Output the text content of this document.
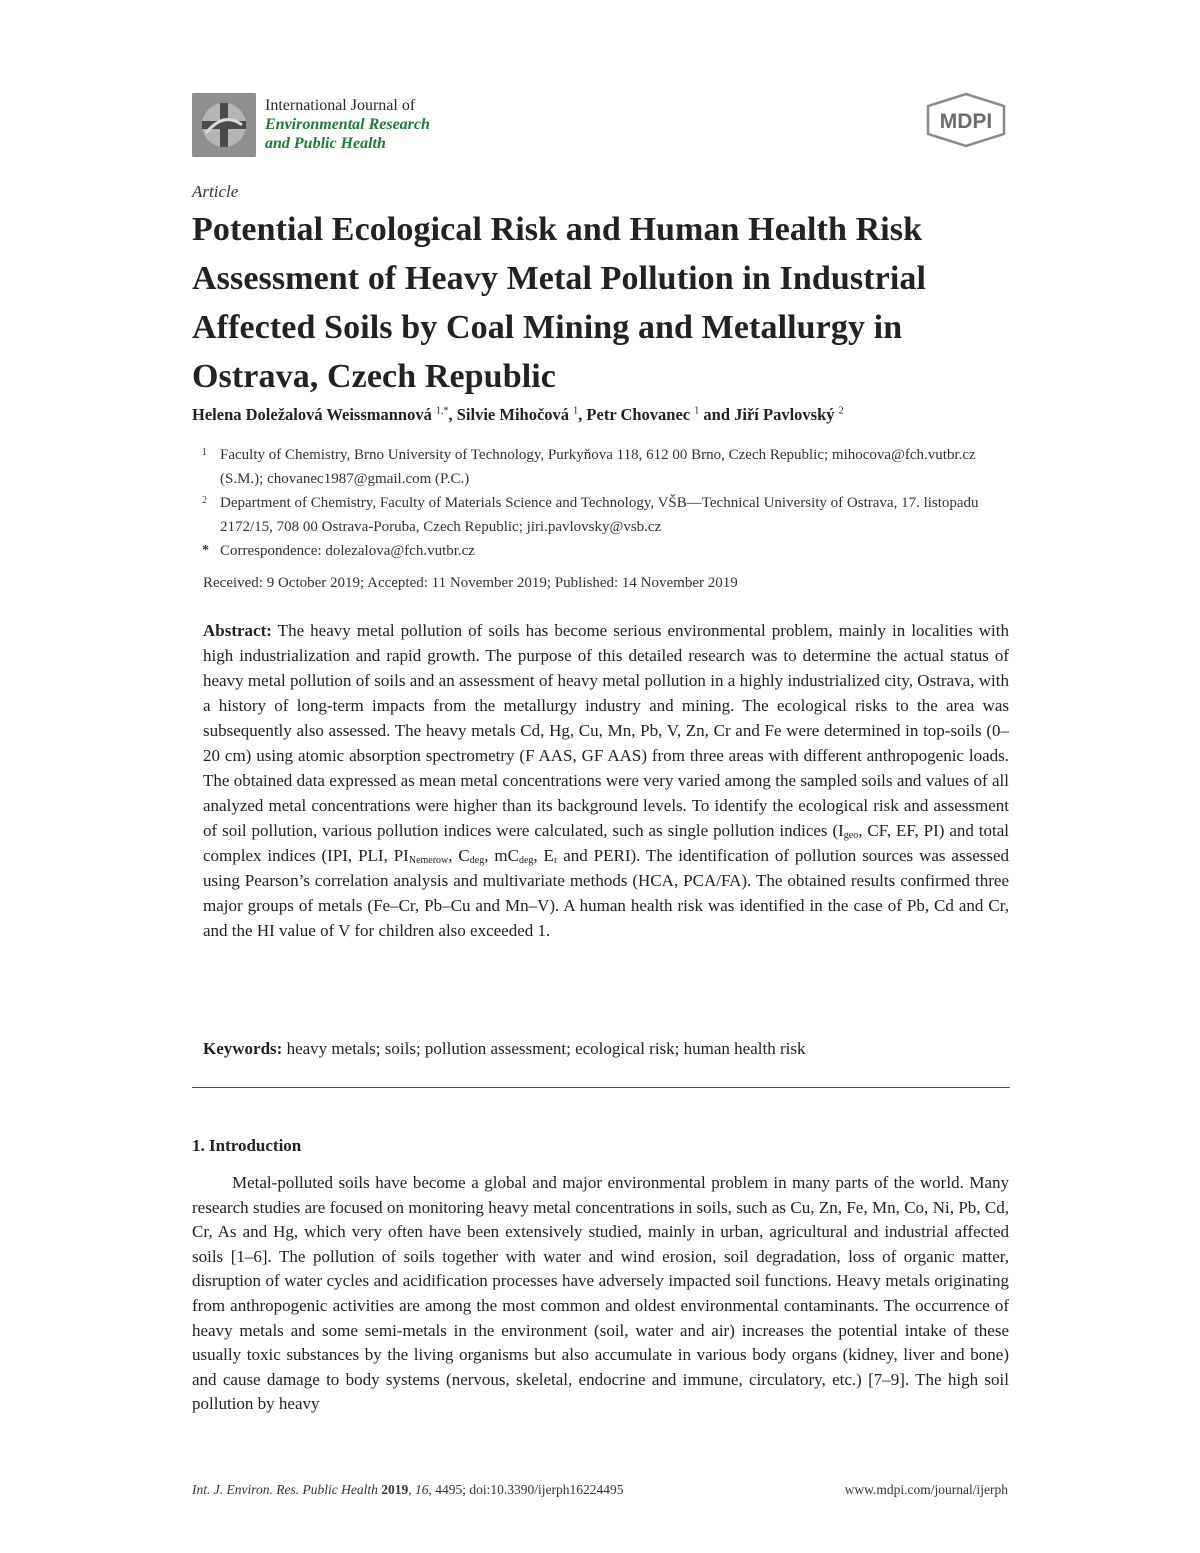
International Journal of
Environmental Research
and Public Health
MDPI
Article
Potential Ecological Risk and Human Health Risk Assessment of Heavy Metal Pollution in Industrial Affected Soils by Coal Mining and Metallurgy in Ostrava, Czech Republic
Helena Doležalová Weissmannová $^{1,*}$, Silvie Mihočová $^1$, Petr Chovanec $^1$ and Jiří Pavlovský $^2$
1 Faculty of Chemistry, Brno University of Technology, Purkyňova 118, 612 00 Brno, Czech Republic; mihocova@fch.vutbr.cz (S.M.); chovanec1987@gmail.com (P.C.)
2 Department of Chemistry, Faculty of Materials Science and Technology, VŠB—Technical University of Ostrava, 17. listopadu 2172/15, 708 00 Ostrava-Poruba, Czech Republic; jiri.pavlovsky@vsb.cz
* Correspondence: dolezalova@fch.vutbr.cz
Received: 9 October 2019; Accepted: 11 November 2019; Published: 14 November 2019

Abstract: The heavy metal pollution of soils has become serious environmental problem, mainly in localities with high industrialization and rapid growth. The purpose of this detailed research was to determine the actual status of heavy metal pollution of soils and an assessment of heavy metal pollution in a highly industrialized city, Ostrava, with a history of long-term impacts from the metallurgy industry and mining. The ecological risks to the area was subsequently also assessed. The heavy metals Cd, Hg, Cu, Mn, Pb, V, Zn, Cr and Fe were determined in top-soils (0–20 cm) using atomic absorption spectrometry (F AAS, GF AAS) from three areas with different anthropogenic loads. The obtained data expressed as mean metal concentrations were very varied among the sampled soils and values of all analyzed metal concentrations were higher than its background levels. To identify the ecological risk and assessment of soil pollution, various pollution indices were calculated, such as single pollution indices ($I_{geo}$, CF, EF, PI) and total complex indices (IPI, PLI, $PI_{Nemerow}$, $C_{deg}$, $mC_{deg}$, $E_r$ and PERI). The identification of pollution sources was assessed using Pearson’s correlation analysis and multivariate methods (HCA, PCA/FA). The obtained results confirmed three major groups of metals (Fe–Cr, Pb–Cu and Mn–V). A human health risk was identified in the case of Pb, Cd and Cr, and the HI value of V for children also exceeded 1.

Keywords: heavy metals; soils; pollution assessment; ecological risk; human health risk
1. Introduction

Metal-polluted soils have become a global and major environmental problem in many parts of the world. Many research studies are focused on monitoring heavy metal concentrations in soils, such as Cu, Zn, Fe, Mn, Co, Ni, Pb, Cd, Cr, As and Hg, which very often have been extensively studied, mainly in urban, agricultural and industrial affected soils [1–6]. The pollution of soils together with water and wind erosion, soil degradation, loss of organic matter, disruption of water cycles and acidification processes have adversely impacted soil functions. Heavy metals originating from anthropogenic activities are among the most common and oldest environmental contaminants. The occurrence of heavy metals and some semi-metals in the environment (soil, water and air) increases the potential intake of these usually toxic substances by the living organisms but also accumulate in various body organs (kidney, liver and bone) and cause damage to body systems (nervous, skeletal, endocrine and immune, circulatory, etc.) [7–9]. The high soil pollution by heavy

Int. J. Environ. Res. Public Health 2019, 16, 4495; doi:10.3390/ijerph16224495	www.mdpi.com/journal/ijerph
